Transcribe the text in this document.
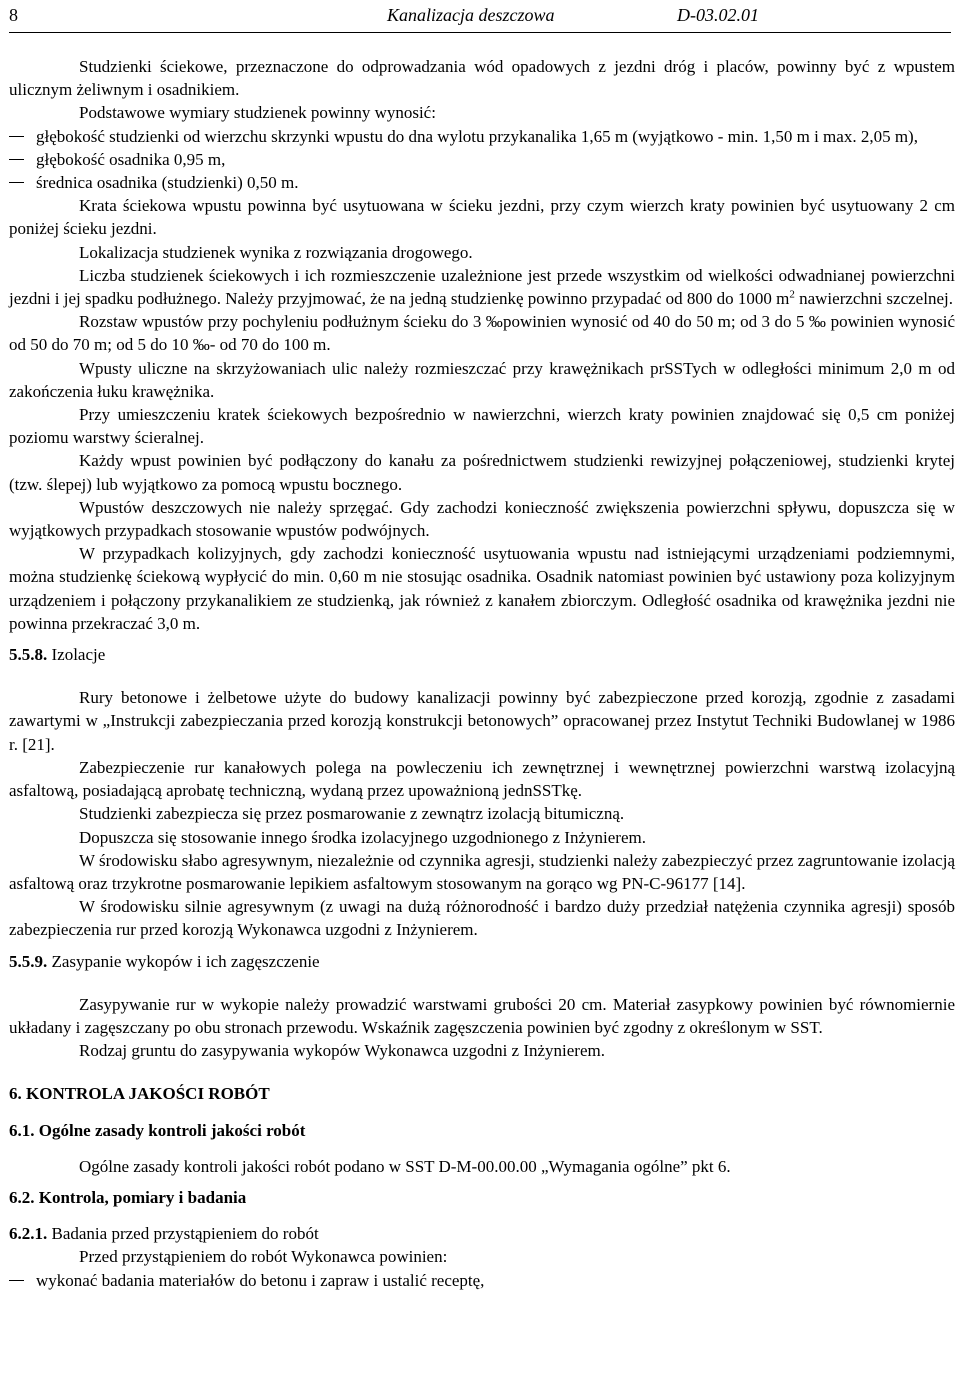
8	Kanalizacja deszczowa	D-03.02.01

Studzienki ściekowe, przeznaczone do odprowadzania wód opadowych z jezdni dróg i placów, powinny być z wpustem ulicznym żeliwnym i osadnikiem.

Podstawowe wymiary studzienek powinny wynosić:

głębokość studzienki od wierzchu skrzynki wpustu do dna wylotu przykanalika 1,65 m (wyjątkowo - min. 1,50 m i max. 2,05 m),
głębokość osadnika 0,95 m,
średnica osadnika (studzienki) 0,50 m.

Krata ściekowa wpustu powinna być usytuowana w ścieku jezdni, przy czym wierzch kraty powinien być usytuowany 2 cm poniżej ścieku jezdni.

Lokalizacja studzienek wynika z rozwiązania drogowego.

Liczba studzienek ściekowych i ich rozmieszczenie uzależnione jest przede wszystkim od wielkości odwadnianej powierzchni jezdni i jej spadku podłużnego. Należy przyjmować, że na jedną studzienkę powinno przypadać od 800 do 1000 $m^2$ nawierzchni szczelnej.

Rozstaw wpustów przy pochyleniu podłużnym ścieku do 3 ‰powinien wynosić od 40 do 50 m; od 3 do 5 ‰ powinien wynosić od 50 do 70 m; od 5 do 10 ‰- od 70 do 100 m.

Wpusty uliczne na skrzyżowaniach ulic należy rozmieszczać przy krawężnikach prSSTych w odległości minimum 2,0 m od zakończenia łuku krawężnika.

Przy umieszczeniu kratek ściekowych bezpośrednio w nawierzchni, wierzch kraty powinien znajdować się 0,5 cm poniżej poziomu warstwy ścieralnej.

Każdy wpust powinien być podłączony do kanału za pośrednictwem studzienki rewizyjnej połączeniowej, studzienki krytej (tzw. ślepej) lub wyjątkowo za pomocą wpustu bocznego.

Wpustów deszczowych nie należy sprzęgać. Gdy zachodzi konieczność zwiększenia powierzchni spływu, dopuszcza się w wyjątkowych przypadkach stosowanie wpustów podwójnych.

W przypadkach kolizyjnych, gdy zachodzi konieczność usytuowania wpustu nad istniejącymi urządzeniami podziemnymi, można studzienkę ściekową wypłycić do min. 0,60 m nie stosując osadnika. Osadnik natomiast powinien być ustawiony poza kolizyjnym urządzeniem i połączony przykanalikiem ze studzienką, jak również z kanałem zbiorczym. Odległość osadnika od krawężnika jezdni nie powinna przekraczać 3,0 m.

5.5.8. Izolacje

Rury betonowe i żelbetowe użyte do budowy kanalizacji powinny być zabezpieczone przed korozją, zgodnie z zasadami zawartymi w „Instrukcji zabezpieczania przed korozją konstrukcji betonowych” opracowanej przez Instytut Techniki Budowlanej w 1986 r. [21].

Zabezpieczenie rur kanałowych polega na powleczeniu ich zewnętrznej i wewnętrznej powierzchni warstwą izolacyjną asfaltową, posiadającą aprobatę techniczną, wydaną przez upoważnioną jednSSTkę.

Studzienki zabezpiecza się przez posmarowanie z zewnątrz izolacją bitumiczną.

Dopuszcza się stosowanie innego środka izolacyjnego uzgodnionego z Inżynierem.

W środowisku słabo agresywnym, niezależnie od czynnika agresji, studzienki należy zabezpieczyć przez zagruntowanie izolacją asfaltową oraz trzykrotne posmarowanie lepikiem asfaltowym stosowanym na gorąco wg PN-C-96177 [14].

W środowisku silnie agresywnym (z uwagi na dużą różnorodność i bardzo duży przedział natężenia czynnika agresji) sposób zabezpieczenia rur przed korozją Wykonawca uzgodni z Inżynierem.

5.5.9. Zasypanie wykopów i ich zagęszczenie

Zasypywanie rur w wykopie należy prowadzić warstwami grubości 20 cm. Materiał zasypkowy powinien być równomiernie układany i zagęszczany po obu stronach przewodu. Wskaźnik zagęszczenia powinien być zgodny z określonym w SST.

Rodzaj gruntu do zasypywania wykopów Wykonawca uzgodni z Inżynierem.

6. KONTROLA JAKOŚCI ROBÓT
6.1. Ogólne zasady kontroli jakości robót

Ogólne zasady kontroli jakości robót podano w SST D-M-00.00.00 „Wymagania ogólne” pkt 6.

6.2. Kontrola, pomiary i badania
6.2.1. Badania przed przystąpieniem do robót

Przed przystąpieniem do robót Wykonawca powinien:

wykonać badania materiałów do betonu i zapraw i ustalić receptę,
